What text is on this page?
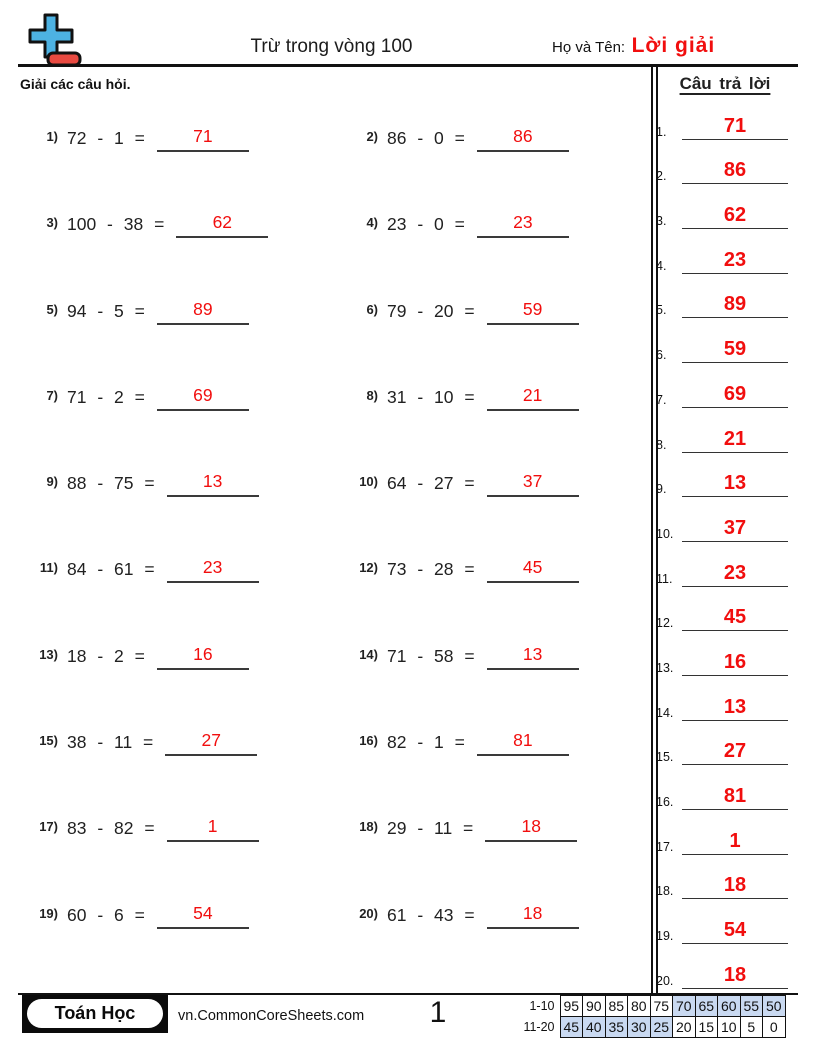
Trừ trong vòng 100	Họ và Tên: Lời giải
Giải các câu hỏi.
1) 72 - 1 =	71	2) 86 - 0 =	86
3) 100 - 38 =	62	4) 23 - 0 =	23
5) 94 - 5 =	89	6) 79 - 20 =	59
7) 71 - 2 =	69	8) 31 - 10 =	21
9) 88 - 75 =	13	10) 64 - 27 =	37
11) 84 - 61 =	23	12) 73 - 28 =	45
13) 18 - 2 =	16	14) 71 - 58 =	13
15) 38 - 11 =	27	16) 82 - 1 =	81
17) 83 - 82 =	1	18) 29 - 11 =	18
19) 60 - 6 =	54	20) 61 - 43 =	18
Câu trả lời
1.	71
2.	86
3.	62
4.	23
5.	89
6.	59
7.	69
8.	21
9.	13
10.	37
11.	23
12.	45
13.	16
14.	13
15.	27
16.	81
17.	1
18.	18
19.	54
20.	18
Toán Học	vn.CommonCoreSheets.com	1	1-10	95	90	85	80	75	70	65	60	55	50
11-20	45	40	35	30	25	20	15	10	5	0
